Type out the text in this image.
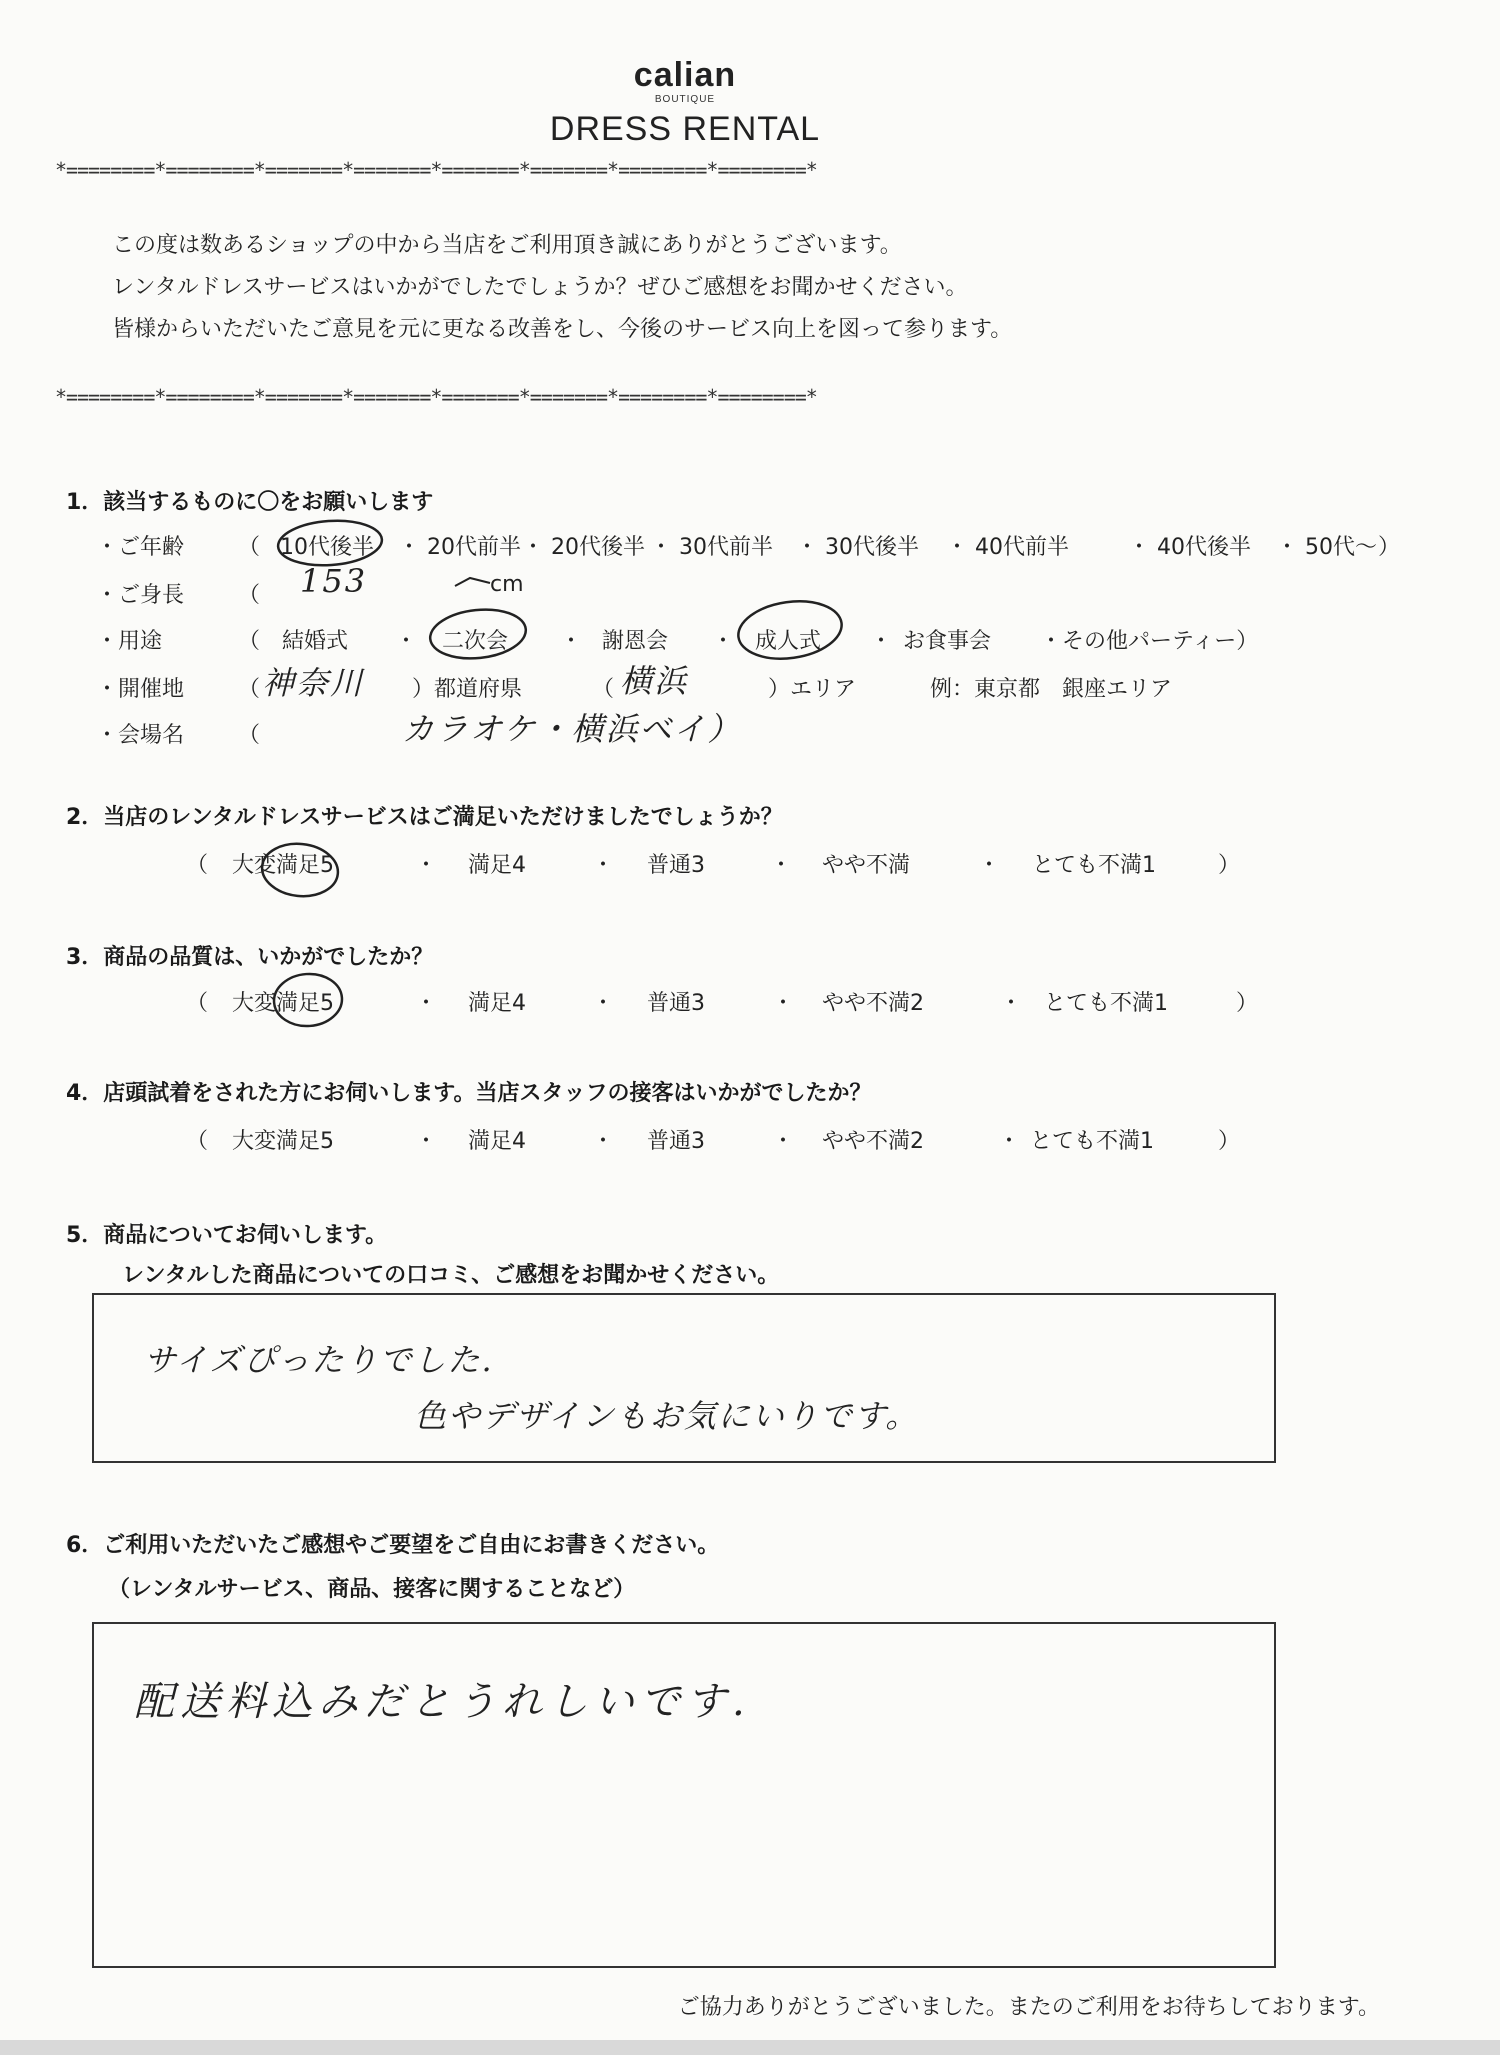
calian
BOUTIQUE
DRESS RENTAL
*========*========*=======*=======*=======*=======*========*========*
この度は数あるショップの中から当店をご利用頂き誠にありがとうございます。
レンタルドレスサービスはいかがでしたでしょうか？ぜひご感想をお聞かせください。
皆様からいただいたご意見を元に更なる改善をし、今後のサービス向上を図って参ります。
*========*========*=======*=======*=======*=======*========*========*
1．該当するものに〇をお願いします
・ご年齢 （ 10代後半 ・ 20代前半 ・ 20代後半 ・ 30代前半 ・ 30代後半 ・ 40代前半	・ 40代後半 ・ 50代～ ）
・ご身長 （ 153	cm
・用途	（ 結婚式 ・ 二次会 ・ 謝恩会 ・ 成人式 ・ お食事会 ・その他パーティー）
・開催地 （ 神奈川 ）都道府県	（ 横浜	）エリア	例：東京都　銀座エリア
・会場名 （	カラオケ・横浜ベイ）
2．当店のレンタルドレスサービスはご満足いただけましたでしょうか？
（ 大変満足5	・ 満足4	・ 普通3	・ やや不満	・ とても不満1	）
3．商品の品質は、いかがでしたか？
（ 大変満足5	・ 満足4	・ 普通3	・ やや不満2	・ とても不満1	）
4．店頭試着をされた方にお伺いします。当店スタッフの接客はいかがでしたか？
（ 大変満足5	・ 満足4	・ 普通3	・ やや不満2	・ とても不満1	）
5．商品についてお伺いします。
レンタルした商品についての口コミ、ご感想をお聞かせください。
サイズぴったりでした.
色やデザインもお気にいりです。
6．ご利用いただいたご感想やご要望をご自由にお書きください。
（レンタルサービス、商品、接客に関することなど）
配送料込みだとうれしいです.
ご協力ありがとうございました。またのご利用をお待ちしております。
